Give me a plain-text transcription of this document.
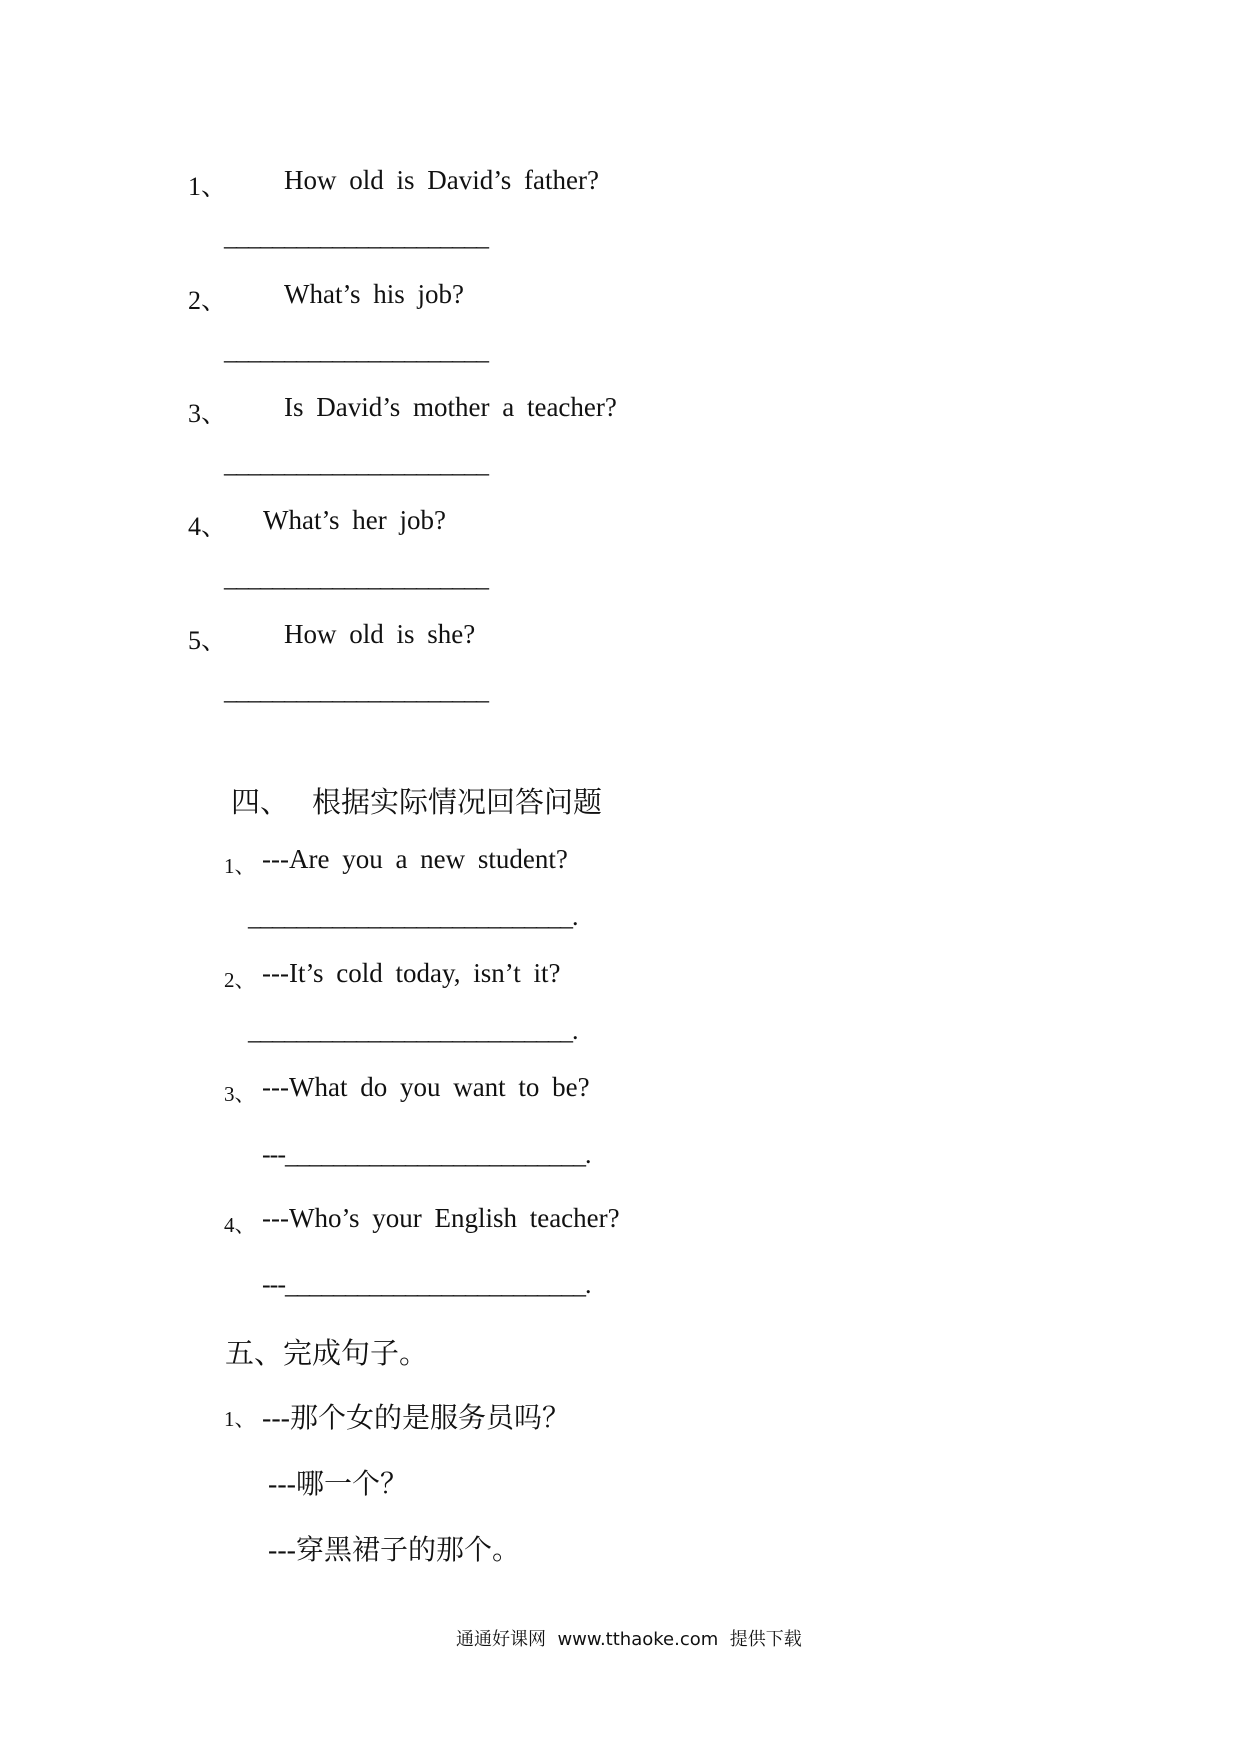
1、 How old is David’s father?
______________________
2、 What’s his job?
______________________
3、 Is David’s mother a teacher?
______________________
4、 What’s her job?
______________________
5、 How old is she?
______________________
四、 根据实际情况回答问题
1、 ---Are you a new student?
___________________________.
2、 ---It’s cold today, isn’t it?
___________________________.
3、 ---What do you want to be?
---_________________________.
4、 ---Who’s your English teacher?
---_________________________.
五、完成句子。
1、 ---那个女的是服务员吗？
---哪一个？
---穿黑裙子的那个。
通通好课网  www.tthaoke.com  提供下载
